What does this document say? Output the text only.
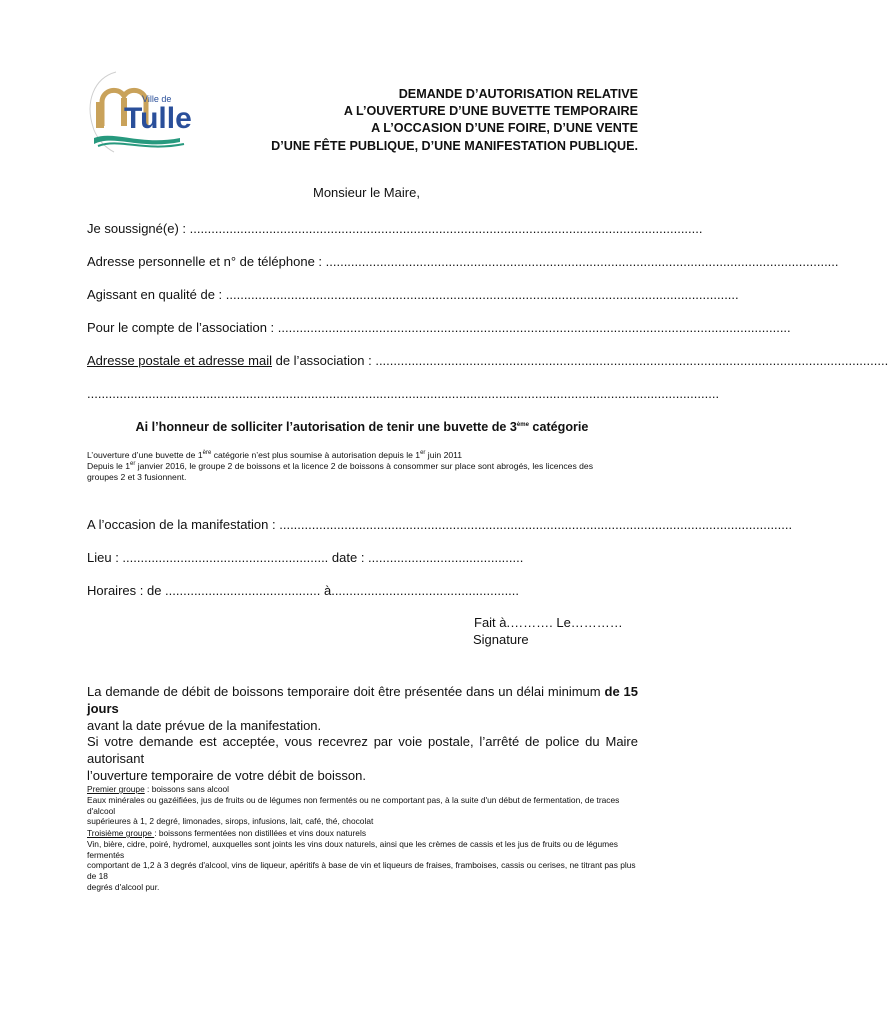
Ville de
Tulle
DEMANDE D’AUTORISATION RELATIVE
A L’OUVERTURE D’UNE BUVETTE TEMPORAIRE
A L’OCCASION D’UNE FOIRE, D’UNE VENTE
D’UNE FÊTE PUBLIQUE, D’UNE MANIFESTATION PUBLIQUE.
Monsieur le Maire,
Je soussigné(e) : ..............................................................................................................................................
Adresse personnelle et n° de téléphone : ..............................................................................................................................................
Agissant en qualité de : ..............................................................................................................................................
Pour le compte de l’association : ..............................................................................................................................................
Adresse postale et adresse mail de l’association : ..............................................................................................................................................
...............................................................................................................................................................................
Ai l’honneur de solliciter l’autorisation de tenir une buvette de 3ème catégorie
L’ouverture d’une buvette de 1ère catégorie n’est plus soumise à autorisation depuis le 1er juin 2011
Depuis le 1er janvier 2016, le groupe 2 de boissons et la licence 2 de boissons à consommer sur place sont abrogés, les licences des
groupes 2 et 3 fusionnent.
A l’occasion de la manifestation : ..............................................................................................................................................
Lieu : ......................................................... date : ...........................................
Horaires : de ........................................... à....................................................
Fait à.………. Le…………
Signature
La demande de débit de boissons temporaire doit être présentée dans un délai minimum de 15 jours
avant la date prévue de la manifestation.
Si votre demande est acceptée, vous recevrez par voie postale, l’arrêté de police du Maire autorisant
l’ouverture temporaire de votre débit de boisson.
Premier groupe : boissons sans alcool
Eaux minérales ou gazéifiées, jus de fruits ou de légumes non fermentés ou ne comportant pas, à la suite d'un début de fermentation, de traces d'alcool
supérieures à 1, 2 degré, limonades, sirops, infusions, lait, café, thé, chocolat
Troisième groupe : boissons fermentées non distillées et vins doux naturels
Vin, bière, cidre, poiré, hydromel, auxquelles sont joints les vins doux naturels, ainsi que les crèmes de cassis et les jus de fruits ou de légumes fermentés
comportant de 1,2 à 3 degrés d'alcool, vins de liqueur, apéritifs à base de vin et liqueurs de fraises, framboises, cassis ou cerises, ne titrant pas plus de 18
degrés d'alcool pur.
